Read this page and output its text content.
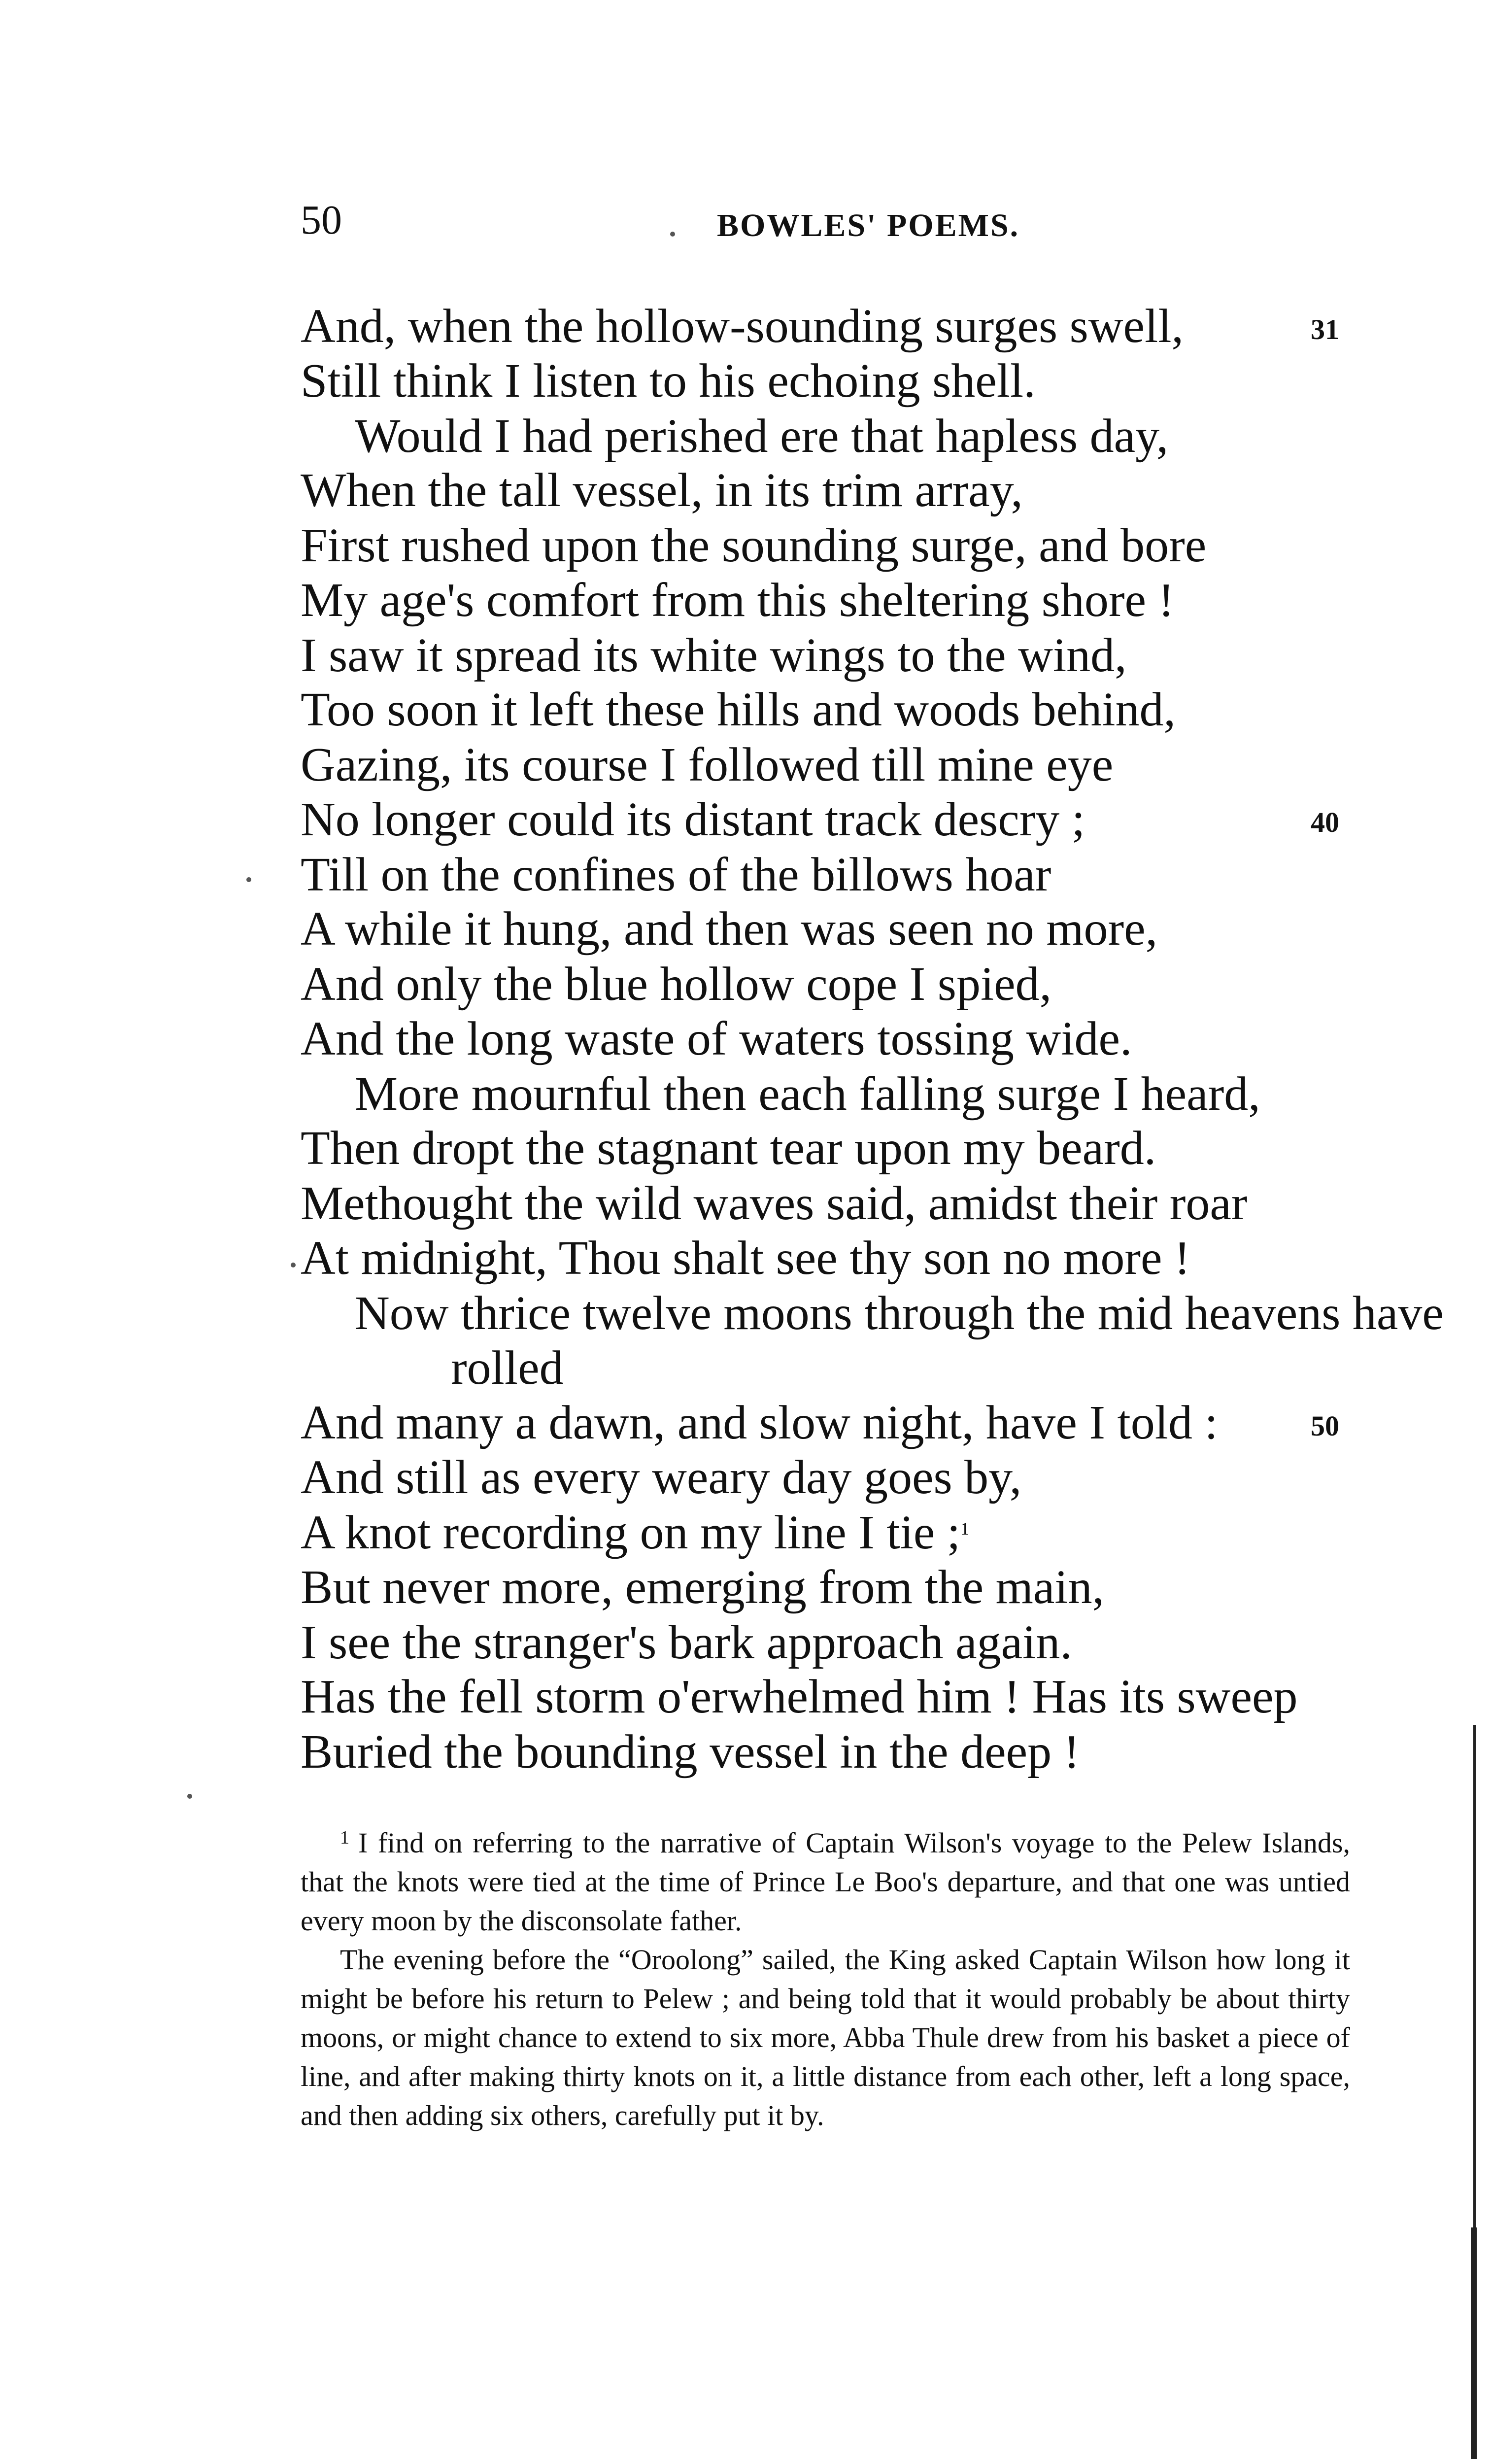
50	BOWLES' POEMS.
And, when the hollow-sounding surges swell,
Still think I listen to his echoing shell.
Would I had perished ere that hapless day,
When the tall vessel, in its trim array,
First rushed upon the sounding surge, and bore
My age's comfort from this sheltering shore !
I saw it spread its white wings to the wind,
Too soon it left these hills and woods behind,
Gazing, its course I followed till mine eye
No longer could its distant track descry ;
Till on the confines of the billows hoar
A while it hung, and then was seen no more,
And only the blue hollow cope I spied,
And the long waste of waters tossing wide.
More mournful then each falling surge I heard,
Then dropt the stagnant tear upon my beard.
Methought the wild waves said, amidst their roar
At midnight, Thou shalt see thy son no more !
Now thrice twelve moons through the mid heavens have
rolled
And many a dawn, and slow night, have I told :
And still as every weary day goes by,
A knot recording on my line I tie ;$^1$
But never more, emerging from the main,
I see the stranger's bark approach again.
Has the fell storm o'erwhelmed him ! Has its sweep
Buried the bounding vessel in the deep !
31
40
50

$^1$ I find on referring to the narrative of Captain Wilson's voyage to the Pelew Islands, that the knots were tied at the time of Prince Le Boo's departure, and that one was untied every moon by the disconsolate father.

The evening before the “Oroolong” sailed, the King asked Captain Wilson how long it might be before his return to Pelew ; and being told that it would probably be about thirty moons, or might chance to extend to six more, Abba Thule drew from his basket a piece of line, and after making thirty knots on it, a little distance from each other, left a long space, and then adding six others, carefully put it by.
